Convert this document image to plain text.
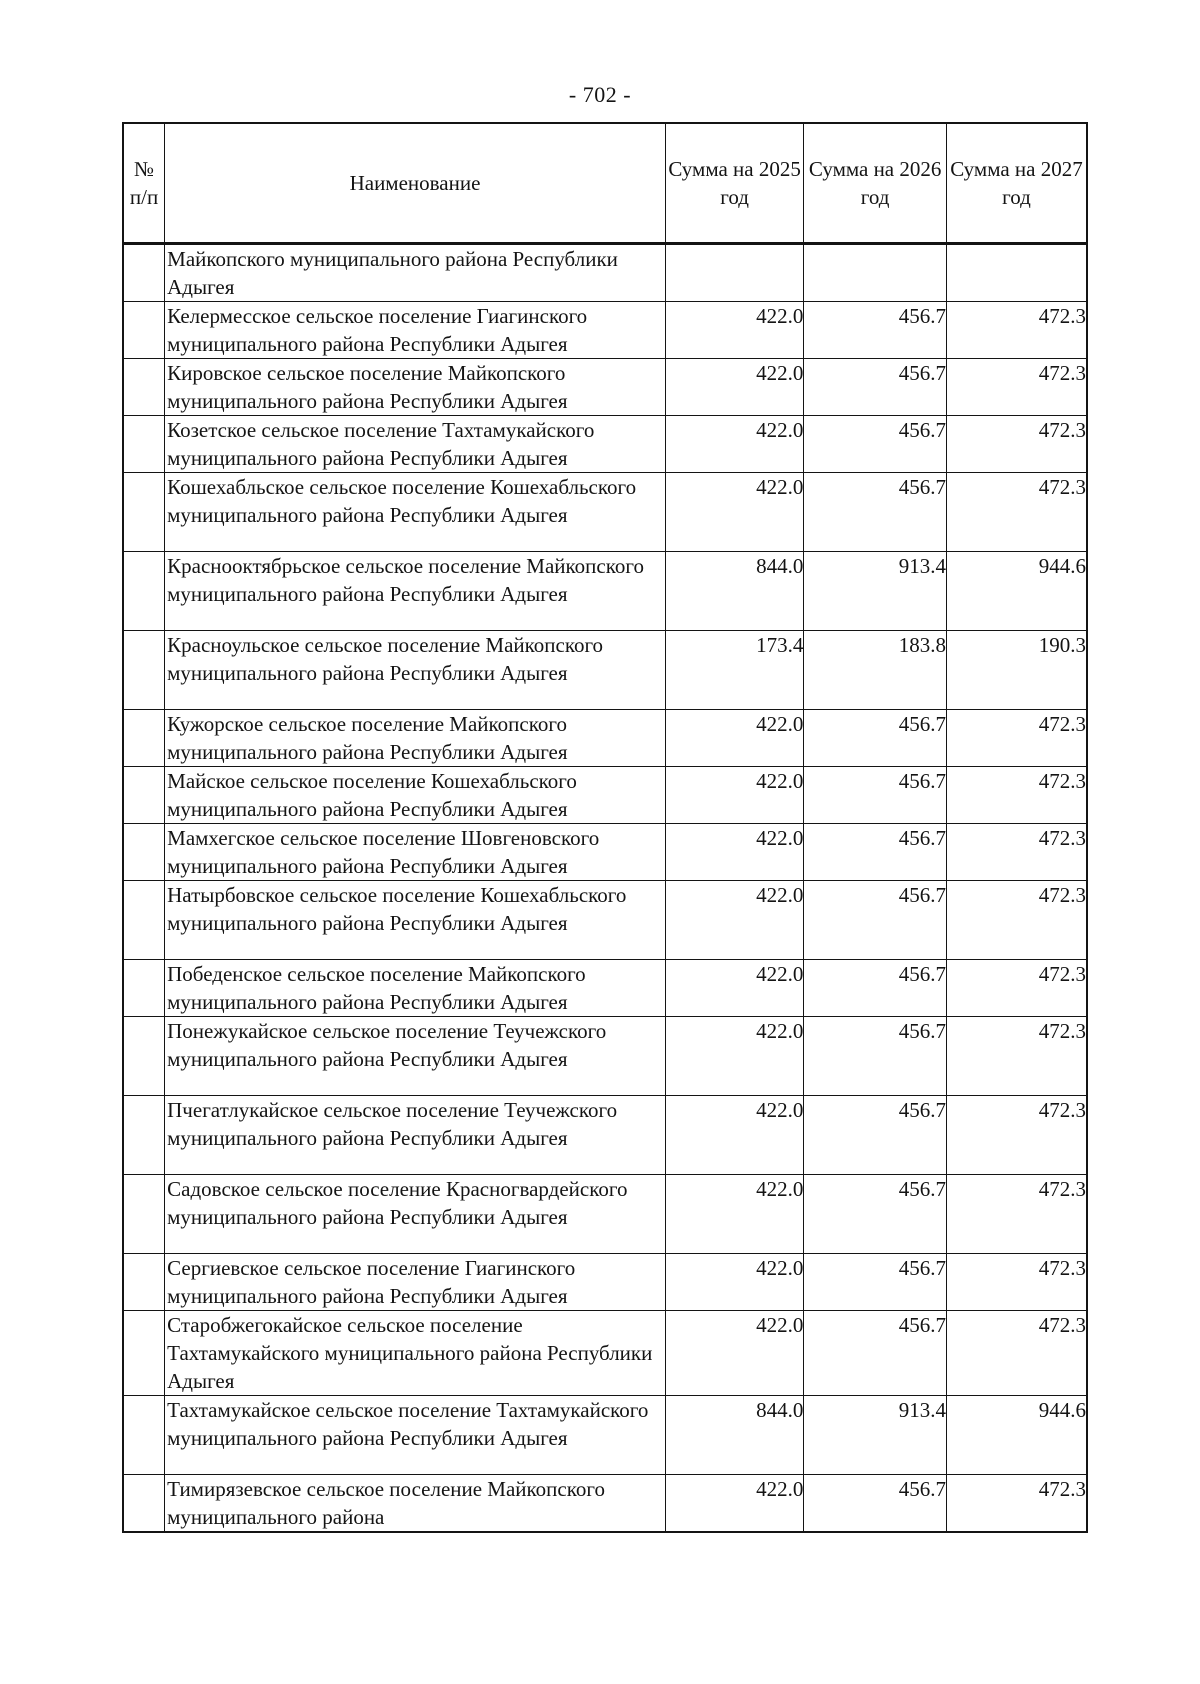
- 702 -
№ п/п	Наименование	Сумма на 2025 год	Сумма на 2026 год	Сумма на 2027 год
	Майкопского муниципального района Республики Адыгея			
	Келермесское сельское поселение Гиагинского муниципального района Республики Адыгея	422.0	456.7	472.3
	Кировское сельское поселение Майкопского муниципального района Республики Адыгея	422.0	456.7	472.3
	Козетское сельское поселение Тахтамукайского муниципального района Республики Адыгея	422.0	456.7	472.3
	Кошехабльское сельское поселение Кошехабльского муниципального района Республики Адыгея	422.0	456.7	472.3
	Краснооктябрьское сельское поселение Майкопского муниципального района Республики Адыгея	844.0	913.4	944.6
	Красноульское сельское поселение Майкопского муниципального района Республики Адыгея	173.4	183.8	190.3
	Кужорское сельское поселение Майкопского муниципального района Республики Адыгея	422.0	456.7	472.3
	Майское сельское поселение Кошехабльского муниципального района Республики Адыгея	422.0	456.7	472.3
	Мамхегское сельское поселение Шовгеновского муниципального района Республики Адыгея	422.0	456.7	472.3
	Натырбовское сельское поселение Кошехабльского муниципального района Республики Адыгея	422.0	456.7	472.3
	Победенское сельское поселение Майкопского муниципального района Республики Адыгея	422.0	456.7	472.3
	Понежукайское сельское поселение Теучежского муниципального района Республики Адыгея	422.0	456.7	472.3
	Пчегатлукайское сельское поселение Теучежского муниципального района Республики Адыгея	422.0	456.7	472.3
	Садовское сельское поселение Красногвардейского муниципального района Республики Адыгея	422.0	456.7	472.3
	Сергиевское сельское поселение Гиагинского муниципального района Республики Адыгея	422.0	456.7	472.3
	Старобжегокайское сельское поселение Тахтамукайского муниципального района Республики Адыгея	422.0	456.7	472.3
	Тахтамукайское сельское поселение Тахтамукайского муниципального района Республики Адыгея	844.0	913.4	944.6
	Тимирязевское сельское поселение Майкопского муниципального района	422.0	456.7	472.3
